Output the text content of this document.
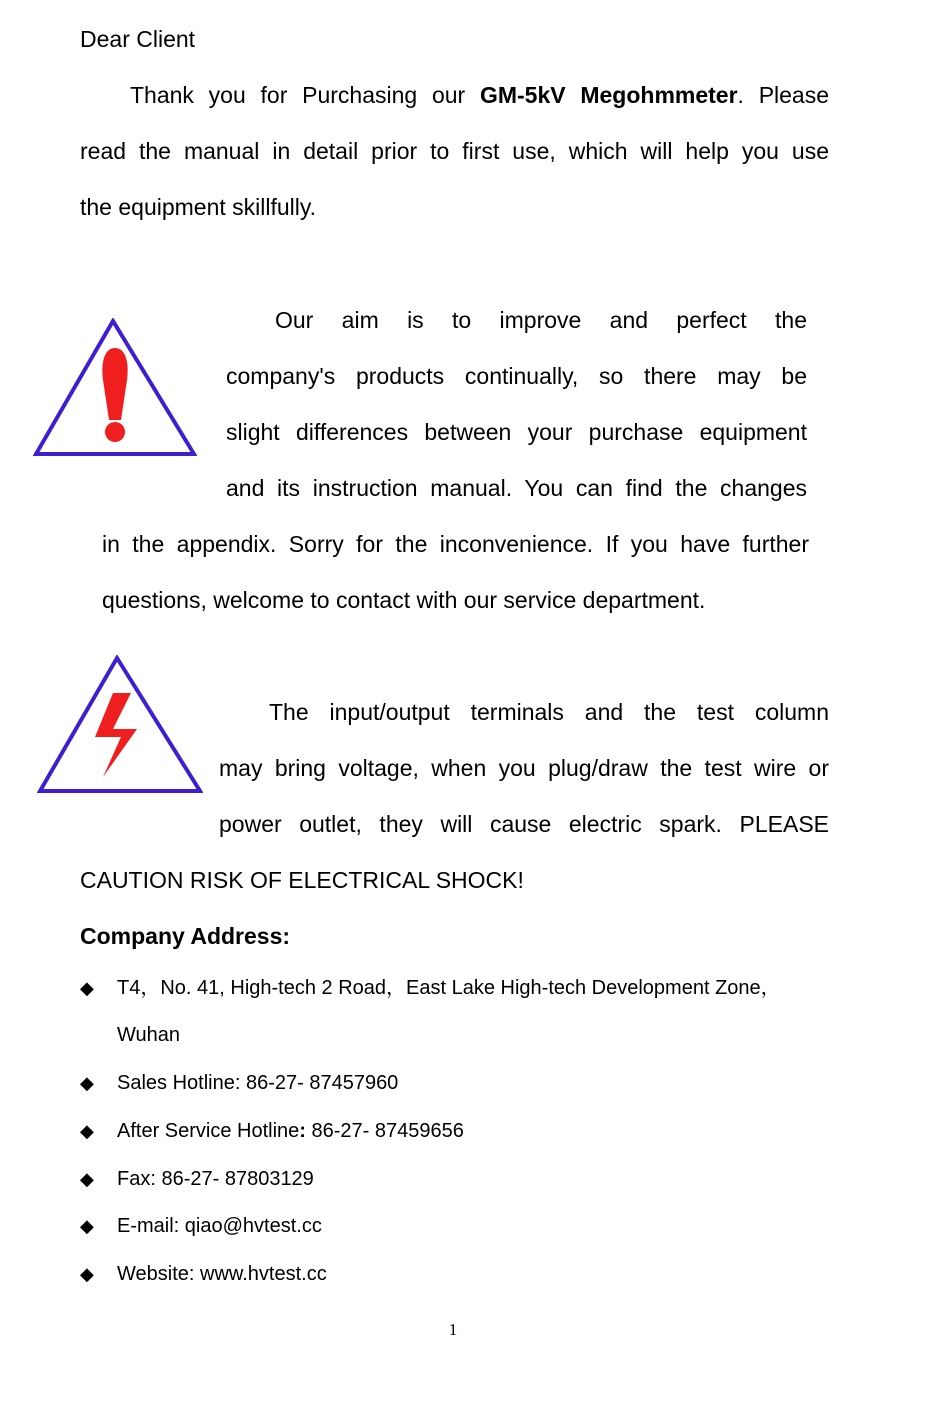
Dear Client
Thank you for Purchasing our GM-5kV Megohmmeter. Please
read the manual in detail prior to first use, which will help you use
the equipment skillfully.
Our aim is to improve and perfect the
company's products continually, so there may be
slight differences between your purchase equipment
and its instruction manual. You can find the changes
in the appendix. Sorry for the inconvenience. If you have further
questions, welcome to contact with our service department.
The input/output terminals and the test column
may bring voltage, when you plug/draw the test wire or
power outlet, they will cause electric spark. PLEASE
CAUTION RISK OF ELECTRICAL SHOCK!
Company Address:
◆ T4，No. 41, High-tech 2 Road，East Lake High-tech Development Zone，
Wuhan
◆ Sales Hotline: 86-27- 87457960
◆ After Service Hotline: 86-27- 87459656
◆ Fax: 86-27- 87803129
◆ E-mail: qiao@hvtest.cc
◆ Website: www.hvtest.cc
1
